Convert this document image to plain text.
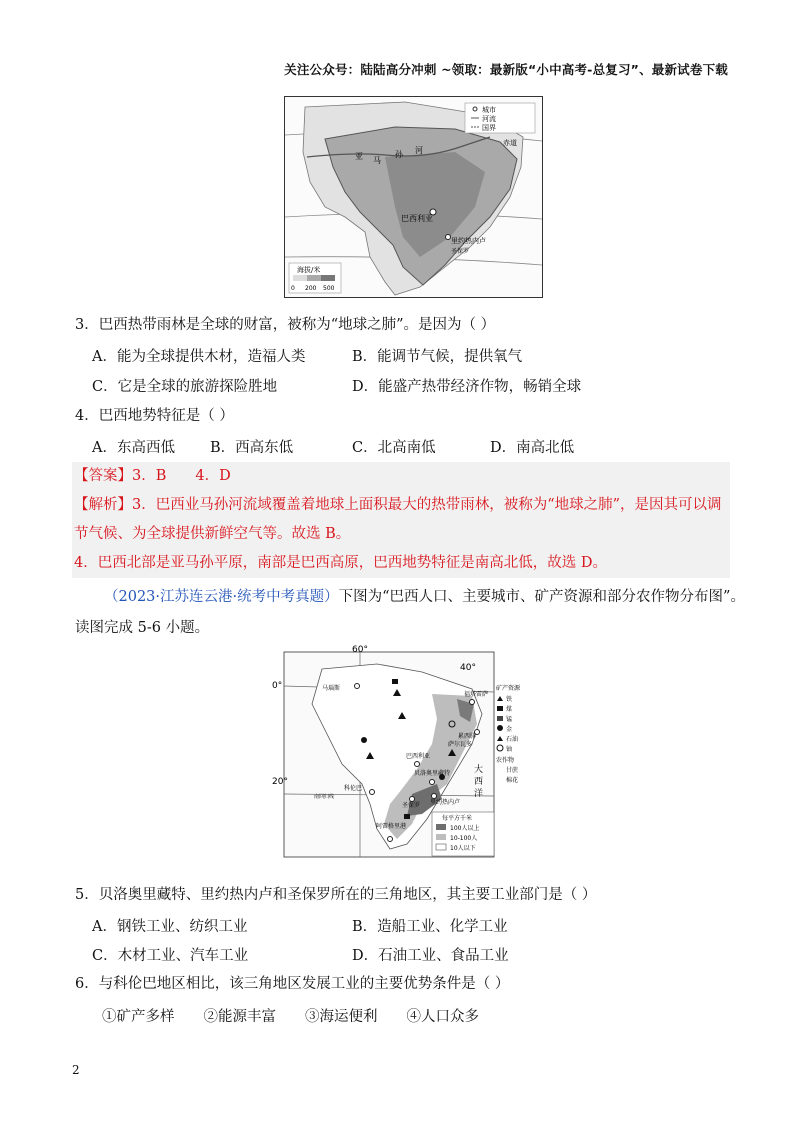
关注公众号：陆陆高分冲刺 ~领取：最新版“小中高考-总复习”、最新试卷下载
城市
河流
国界
赤道
亚 马
孙 河
巴西利亚
里约热内卢
圣保罗
海拔/米
0 200 500
3．巴西热带雨林是全球的财富，被称为“地球之肺”。是因为（ ）
A．能为全球提供木材，造福人类	B．能调节气候，提供氧气
C．它是全球的旅游探险胜地	D．能盛产热带经济作物，畅销全球
4．巴西地势特征是（ ）
A．东高西低 B．西高东低	C．北高南低	D．南高北低
【答案】3．B　　4．D
【解析】3．巴西业马孙河流域覆盖着地球上面积最大的热带雨林，被称为“地球之肺”，是因其可以调
节气候、为全球提供新鲜空气等。故选 B。
4．巴西北部是亚马孙平原，南部是巴西高原，巴西地势特征是南高北低，故选 D。
（2023·江苏连云港·统考中考真题）下图为“巴西人口、主要城市、矿产资源和部分农作物分布图”。
读图完成 5-6 小题。
60°
40°
0°
20°
马瑙斯
福塔雷萨
累西腓
萨尔瓦多
巴西利亚
贝洛奥里藏特
里约热内卢
圣保罗
科伦巴
阿雷格里港
大
西
洋
南回归线
矿产资源
铁
煤
锰
金
石油
铀
农作物
甘蔗
棉花
每平方千米
100人以上
10-100人
10人以下
5．贝洛奥里藏特、里约热内卢和圣保罗所在的三角地区，其主要工业部门是（ ）
A．钢铁工业、纺织工业	B．造船工业、化学工业
C．木材工业、汽车工业	D．石油工业、食品工业
6．与科伦巴地区相比，该三角地区发展工业的主要优势条件是（ ）
①矿产多样　　②能源丰富　　③海运便利　　④人口众多
2
